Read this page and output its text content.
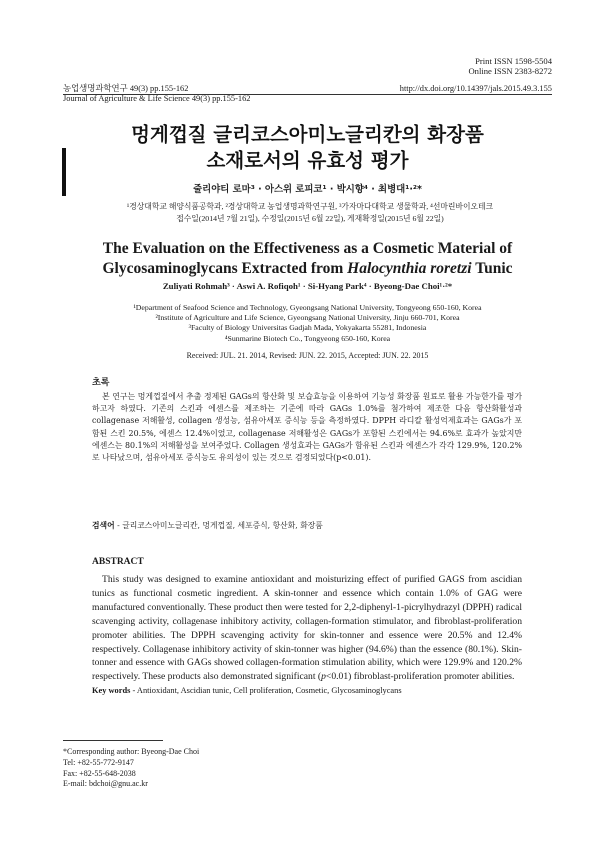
Print ISSN 1598-5504
Online ISSN 2383-8272
농업생명과학연구 49(3) pp.155-162
Journal of Agriculture & Life Science 49(3) pp.155-162
http://dx.doi.org/10.14397/jals.2015.49.3.155
멍게껍질 글리코스아미노글리칸의 화장품
소재로서의 유효성 평가
줄리야티 로마³ · 아스위 로피코¹ · 박시향⁴ · 최병대¹·²*
¹경상대학교 해양식품공학과, ²경상대학교 농업생명과학연구원, ³가자마다대학교 생물학과, ⁴선마린바이오테크
접수일(2014년 7월 21일), 수정일(2015년 6월 22일), 게재확정일(2015년 6월 22일)
The Evaluation on the Effectiveness as a Cosmetic Material of
Glycosaminoglycans Extracted from Halocynthia roretzi Tunic
Zuliyati Rohmah³ · Aswi A. Rofiqoh¹ · Si-Hyang Park⁴ · Byeong-Dae Choi¹·²*
¹Department of Seafood Science and Technology, Gyeongsang National University, Tongyeong 650-160, Korea
²Institute of Agriculture and Life Science, Gyeongsang National University, Jinju 660-701, Korea
³Faculty of Biology Universitas Gadjah Mada, Yokyakarta 55281, Indonesia
⁴Sunmarine Biotech Co., Tongyeong 650-160, Korea
Received: JUL. 21. 2014, Revised: JUN. 22. 2015, Accepted: JUN. 22. 2015
초록
본 연구는 멍게껍질에서 추출 정제된 GAGs의 항산화 및 보습효능을 이용하여 기능성 화장품 원료로 활용 가능한가를 평가하고자 하였다. 기존의 스킨과 에센스를 제조하는 기준에 따라 GAGs 1.0%를 첨가하여 제조한 다음 항산화활성과 collagenase 저해활성, collagen 생성능, 섬유아세포 증식능 등을 측정하였다. DPPH 라디칼 활성억제효과는 GAGs가 포함된 스킨 20.5%, 에센스 12.4%이었고, collagenase 저해활성은 GAGs가 포함된 스킨에서는 94.6%로 효과가 높았지만 에센스는 80.1%의 저해활성을 보여주었다. Collagen 생성효과는 GAGs가 함유된 스킨과 에센스가 각각 129.9%, 120.2%로 나타났으며, 섬유아세포 증식능도 유의성이 있는 것으로 검정되었다(p<0.01).
검색어 - 글리코스아미노글리칸, 멍게껍질, 세포증식, 항산화, 화장품
ABSTRACT
This study was designed to examine antioxidant and moisturizing effect of purified GAGS from ascidian tunics as functional cosmetic ingredient. A skin-tonner and essence which contain 1.0% of GAG were manufactured conventionally. These product then were tested for 2,2-diphenyl-1-picrylhydrazyl (DPPH) radical scavenging activity, collagenase inhibitory activity, collagen-formation stimulator, and fibroblast-proliferation promoter abilities. The DPPH scavenging activity for skin-tonner and essence were 20.5% and 12.4% respectively. Collagenase inhibitory activity of skin-tonner was higher (94.6%) than the essence (80.1%). Skin-tonner and essence with GAGs showed collagen-formation stimulation ability, which were 129.9% and 120.2% respectively. These products also demonstrated significant (p<0.01) fibroblast-proliferation promoter abilities.
Key words - Antioxidant, Ascidian tunic, Cell proliferation, Cosmetic, Glycosaminoglycans
*Corresponding author: Byeong-Dae Choi
Tel: +82-55-772-9147
Fax: +82-55-648-2038
E-mail: bdchoi@gnu.ac.kr
